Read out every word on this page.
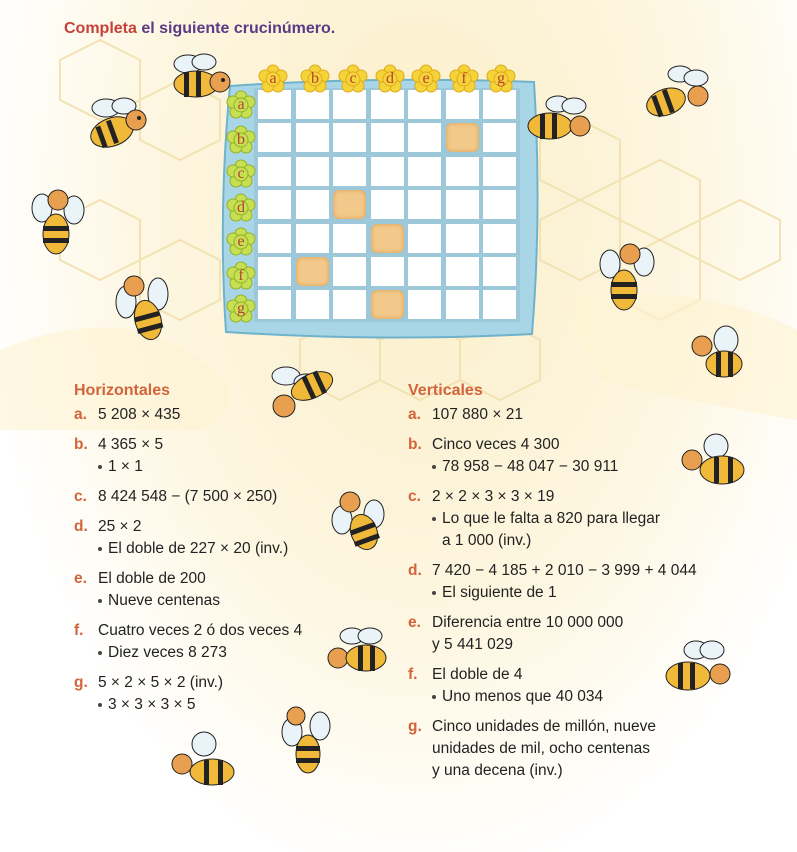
Completa el siguiente crucinúmero.
a	b	c	d	e	f	g
a
b
c
d
e
f
g
Horizontales
a. 5 208 × 435
b. 4 365 × 5
1 × 1
c. 8 424 548 − (7 500 × 250)
d. 25 × 2
El doble de 227 × 20 (inv.)
e. El doble de 200
Nueve centenas
f. Cuatro veces 2 ó dos veces 4
Diez veces 8 273
g. 5 × 2 × 5 × 2 (inv.)
3 × 3 × 3 × 5
Verticales
a. 107 880 × 21
b. Cinco veces 4 300
78 958 − 48 047 − 30 911
c. 2 × 2 × 3 × 3 × 19
Lo que le falta a 820 para llegar
a 1 000 (inv.)
d. 7 420 − 4 185 + 2 010 − 3 999 + 4 044
El siguiente de 1
e. Diferencia entre 10 000 000
y 5 441 029
f. El doble de 4
Uno menos que 40 034
g. Cinco unidades de millón, nueve
unidades de mil, ocho centenas
y una decena (inv.)
